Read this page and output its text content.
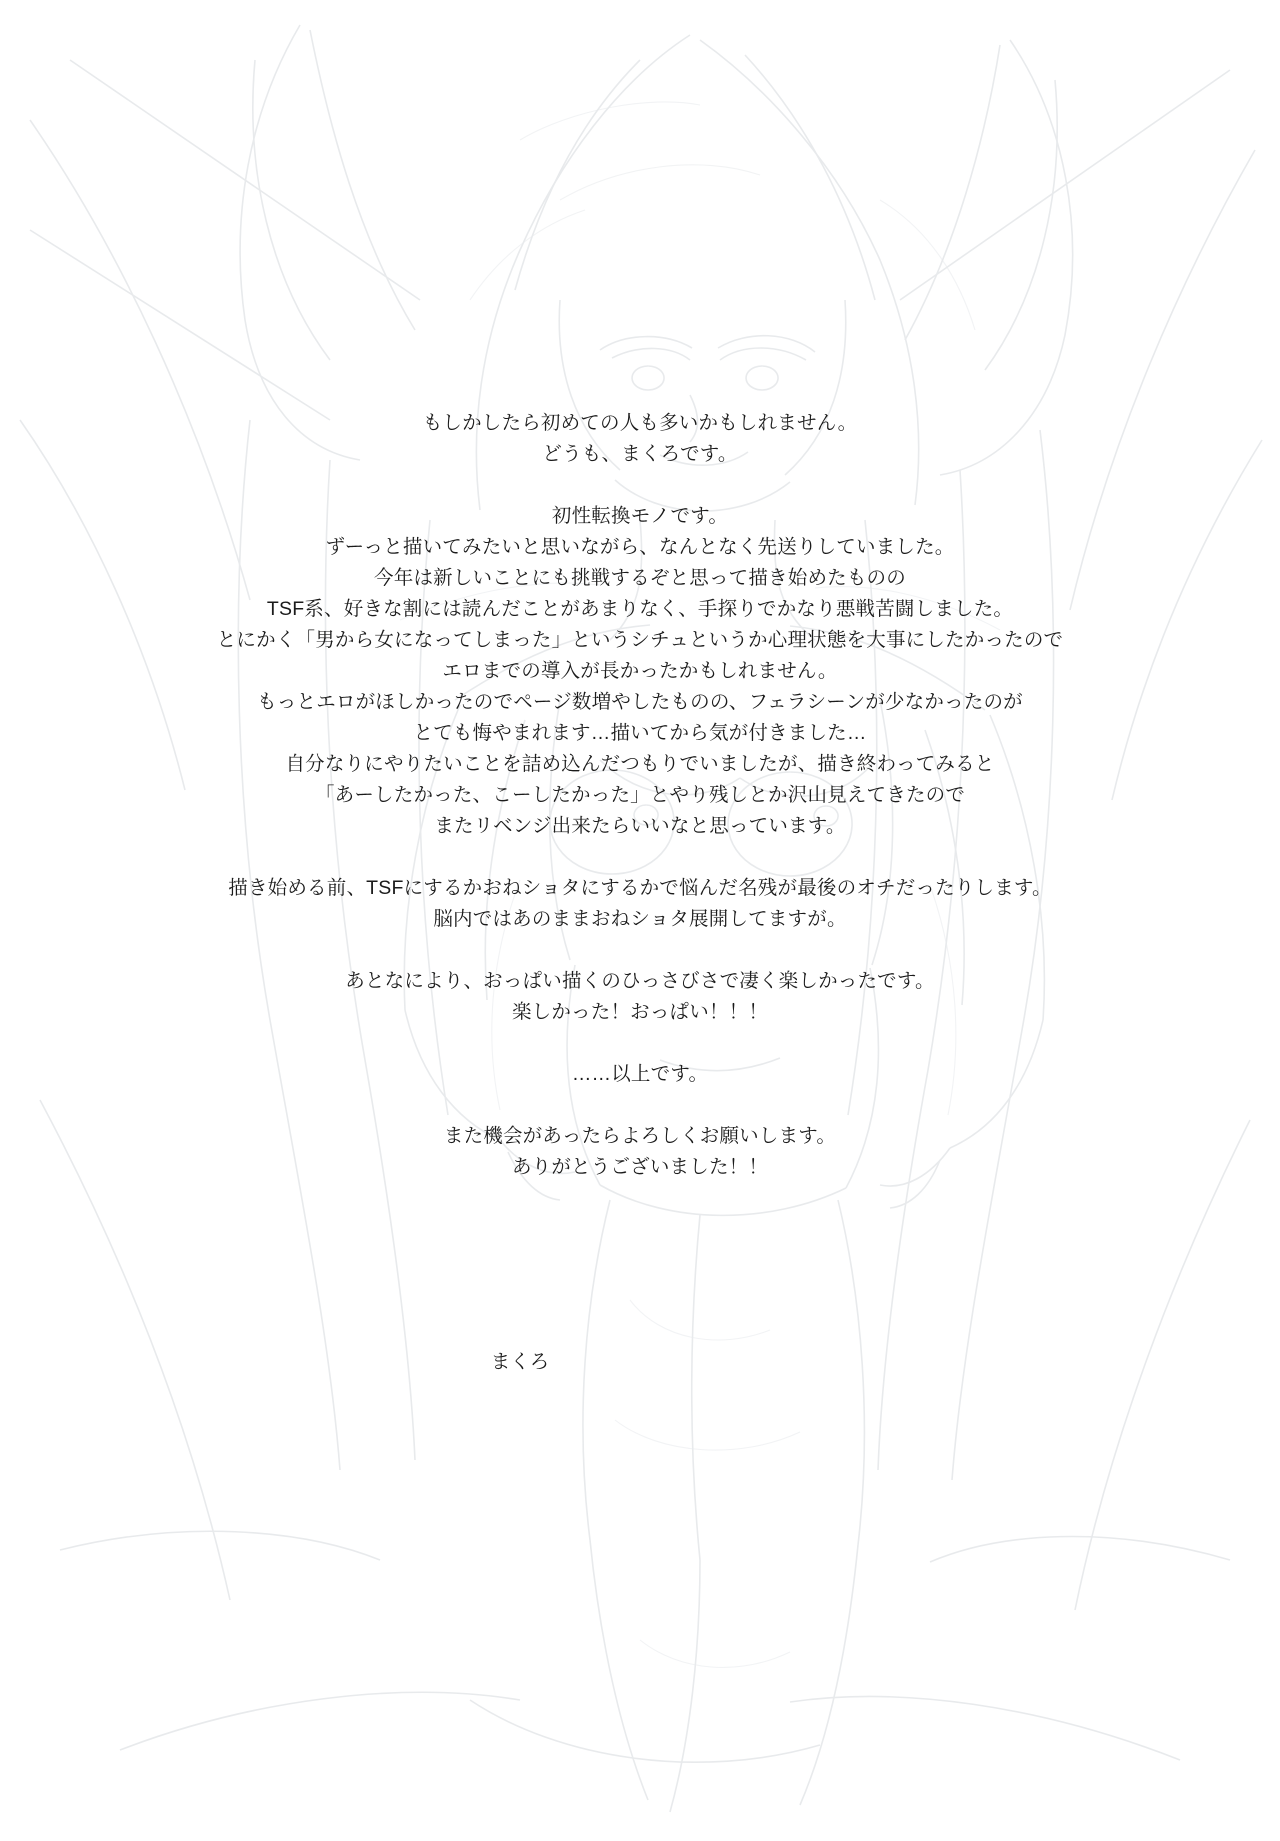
もしかしたら初めての人も多いかもしれません。
どうも、まくろです。
初性転換モノです。
ずーっと描いてみたいと思いながら、なんとなく先送りしていました。
今年は新しいことにも挑戦するぞと思って描き始めたものの
TSF系、好きな割には読んだことがあまりなく、手探りでかなり悪戦苦闘しました。
とにかく「男から女になってしまった」というシチュというか心理状態を大事にしたかったので
エロまでの導入が長かったかもしれません。
もっとエロがほしかったのでページ数増やしたものの、フェラシーンが少なかったのが
とても悔やまれます…描いてから気が付きました…
自分なりにやりたいことを詰め込んだつもりでいましたが、描き終わってみると
「あーしたかった、こーしたかった」とやり残しとか沢山見えてきたので
またリベンジ出来たらいいなと思っています。
描き始める前、TSFにするかおねショタにするかで悩んだ名残が最後のオチだったりします。
脳内ではあのままおねショタ展開してますが。
あとなにより、おっぱい描くのひっさびさで凄く楽しかったです。
楽しかった！おっぱい！！！
……以上です。
また機会があったらよろしくお願いします。
ありがとうございました！！
まくろ
